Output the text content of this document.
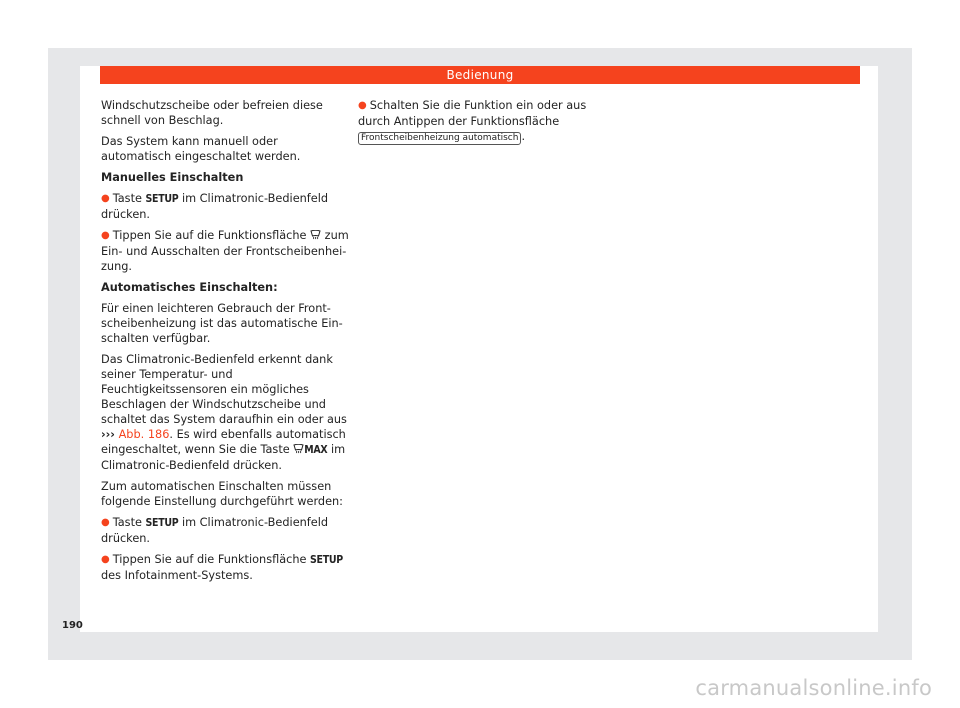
Bedienung

Windschutzscheibe oder befreien diese schnell von Beschlag.

Das System kann manuell oder automatisch eingeschaltet werden.

Manuelles Einschalten

● Taste SETUP im Climatronic-Bedienfeld drücken.

● Tippen Sie auf die Funktionsfläche zum Ein- und Ausschalten der Frontscheibenheizung.

Automatisches Einschalten:

Für einen leichteren Gebrauch der Frontscheibenheizung ist das automatische Einschalten verfügbar.

Das Climatronic-Bedienfeld erkennt dank seiner Temperatur- und Feuchtigkeitssensoren ein mögliches Beschlagen der Windschutzscheibe und schaltet das System daraufhin ein oder aus ››› Abb. 186. Es wird ebenfalls automatisch eingeschaltet, wenn Sie die Taste MAX im Climatronic-Bedienfeld drücken.

Zum automatischen Einschalten müssen folgende Einstellung durchgeführt werden:

● Taste SETUP im Climatronic-Bedienfeld drücken.

● Tippen Sie auf die Funktionsfläche SETUP des Infotainment-Systems.

● Schalten Sie die Funktion ein oder aus durch Antippen der Funktionsfläche Frontscheibenheizung automatisch .

190
carmanualsonline.info
